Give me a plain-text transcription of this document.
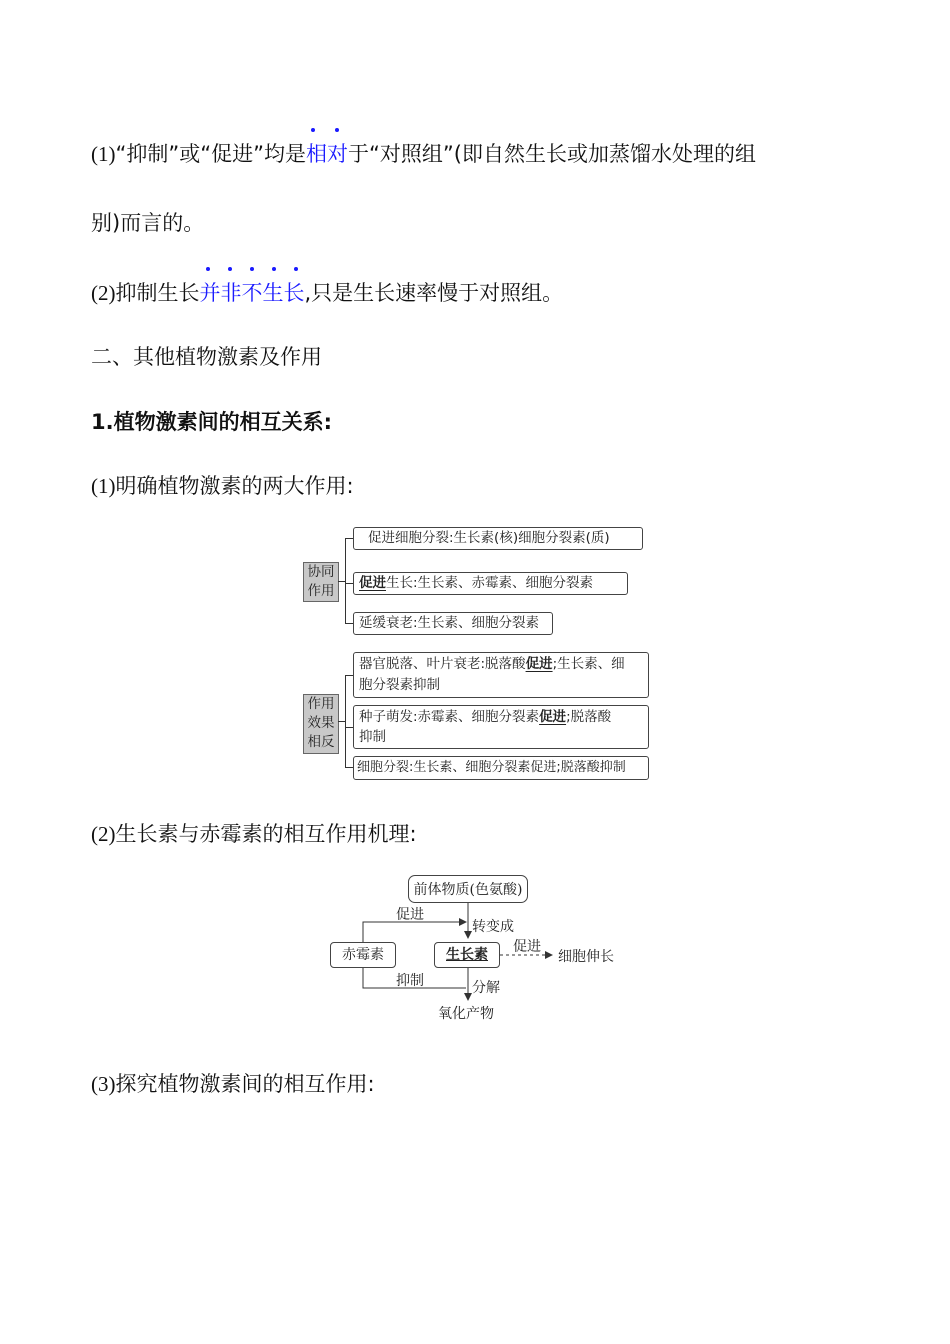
(1)“抑制”或“促进”均是
相对于“对照组”(即自然生长或加蒸馏水处理的组
别)而言的。
(2)抑制生长
并非不生长,只是生长速率慢于对照组。
二、其他植物激素及作用
1.植物激素间的相互关系:
(1)明确植物激素的两大作用:
协同
作用
促进细胞分裂:生长素(核)细胞分裂素(质)
促进生长:生长素、赤霉素、细胞分裂素
延缓衰老:生长素、细胞分裂素
作用
效果
相反
器官脱落、叶片衰老:脱落酸促进;生长素、细
胞分裂素抑制
种子萌发:赤霉素、细胞分裂素促进;脱落酸
抑制
细胞分裂:生长素、细胞分裂素促进;脱落酸抑制
(2)生长素与赤霉素的相互作用机理:
前体物质(色氨酸)
促进
转变成
赤霉素	生长素	促进
细胞伸长
抑制	分解
氧化产物
(3)探究植物激素间的相互作用:
